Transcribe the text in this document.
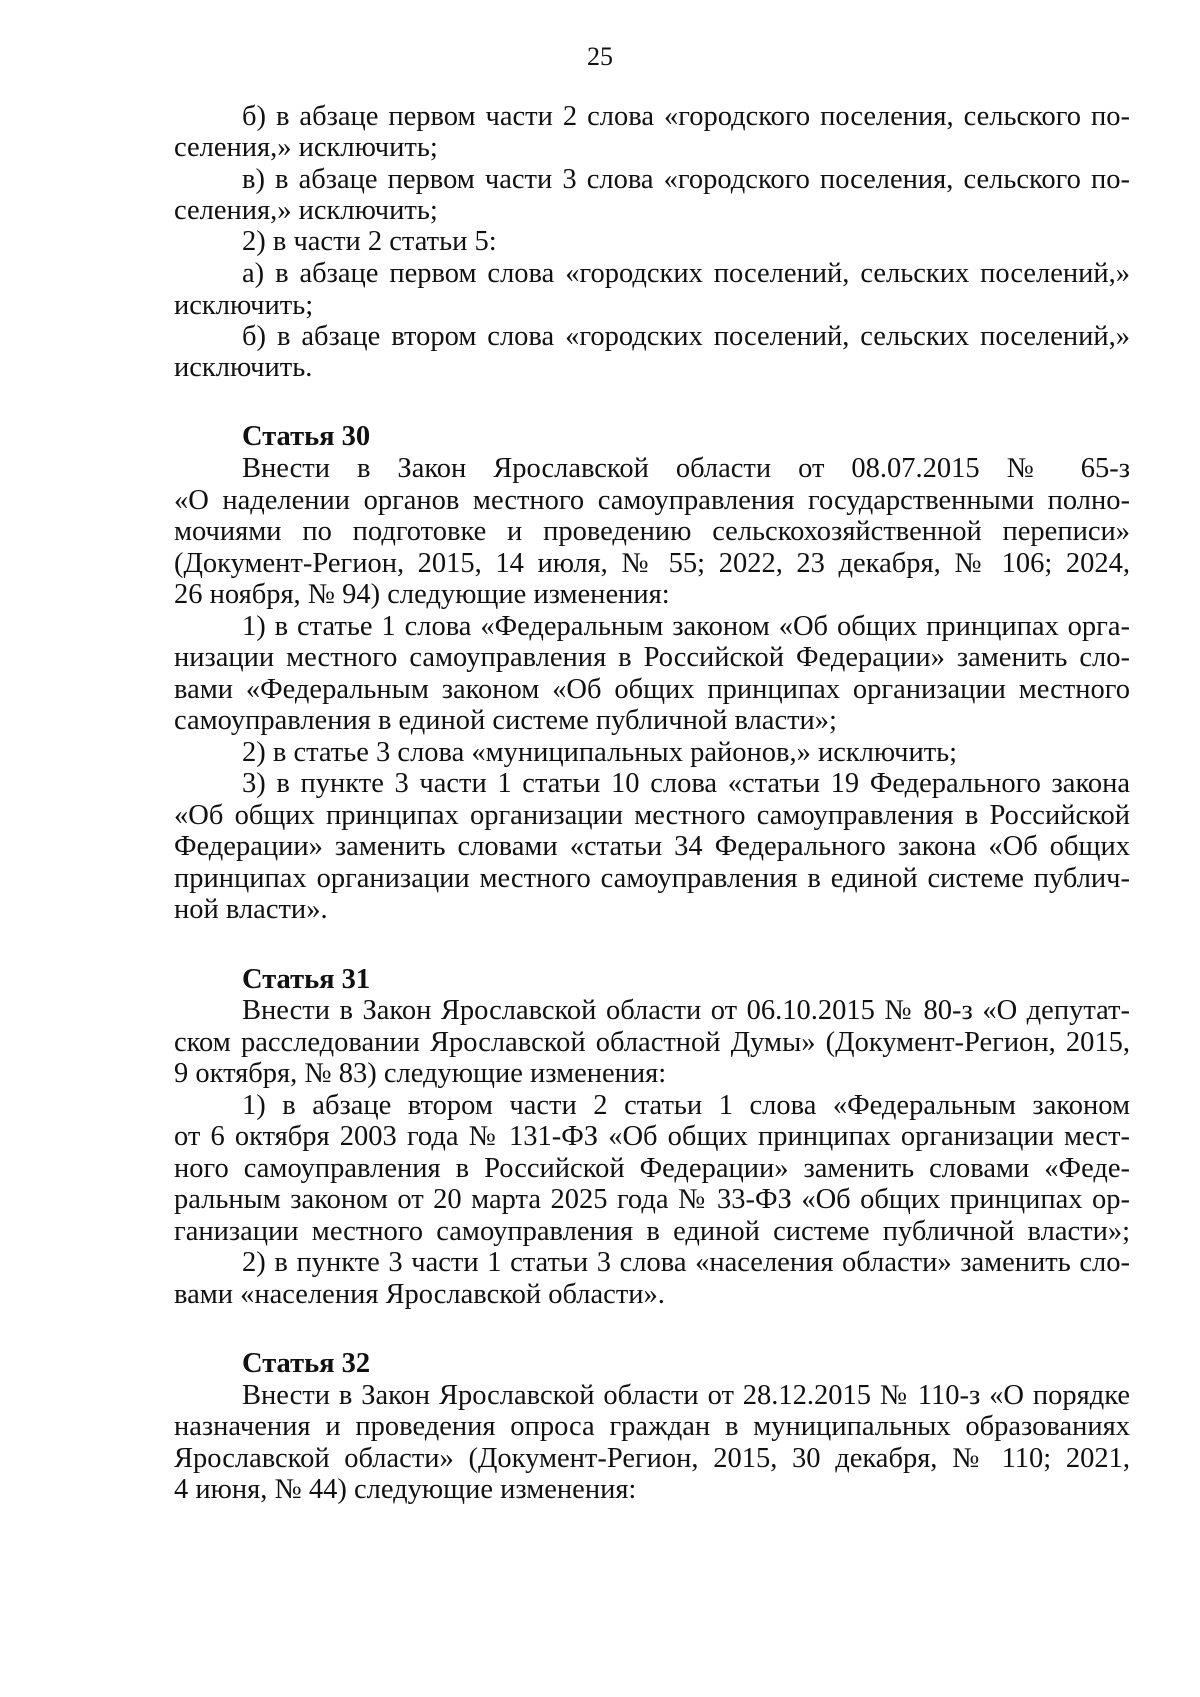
25
б) в абзаце первом части 2 слова «городского поселения, сельского по-
селения,» исключить;
в) в абзаце первом части 3 слова «городского поселения, сельского по-
селения,» исключить;
2) в части 2 статьи 5:
а) в абзаце первом слова «городских поселений, сельских поселений,»
исключить;
б) в абзаце втором слова «городских поселений, сельских поселений,»
исключить.
Статья 30
Внести в Закон Ярославской области от 08.07.2015 № 65-з
«О наделении органов местного самоуправления государственными полно-
мочиями по подготовке и проведению сельскохозяйственной переписи»
(Документ-Регион, 2015, 14 июля, № 55; 2022, 23 декабря, № 106; 2024,
26 ноября, № 94) следующие изменения:
1) в статье 1 слова «Федеральным законом «Об общих принципах орга-
низации местного самоуправления в Российской Федерации» заменить сло-
вами «Федеральным законом «Об общих принципах организации местного
самоуправления в единой системе публичной власти»;
2) в статье 3 слова «муниципальных районов,» исключить;
3) в пункте 3 части 1 статьи 10 слова «статьи 19 Федерального закона
«Об общих принципах организации местного самоуправления в Российской
Федерации» заменить словами «статьи 34 Федерального закона «Об общих
принципах организации местного самоуправления в единой системе публич-
ной власти».
Статья 31
Внести в Закон Ярославской области от 06.10.2015 № 80-з «О депутат-
ском расследовании Ярославской областной Думы» (Документ-Регион, 2015,
9 октября, № 83) следующие изменения:
1) в абзаце втором части 2 статьи 1 слова «Федеральным законом
от 6 октября 2003 года № 131-ФЗ «Об общих принципах организации мест-
ного самоуправления в Российской Федерации» заменить словами «Феде-
ральным законом от 20 марта 2025 года № 33-ФЗ «Об общих принципах ор-
ганизации местного самоуправления в единой системе публичной власти»;
2) в пункте 3 части 1 статьи 3 слова «населения области» заменить сло-
вами «населения Ярославской области».
Статья 32
Внести в Закон Ярославской области от 28.12.2015 № 110-з «О порядке
назначения и проведения опроса граждан в муниципальных образованиях
Ярославской области» (Документ-Регион, 2015, 30 декабря, № 110; 2021,
4 июня, № 44) следующие изменения:
